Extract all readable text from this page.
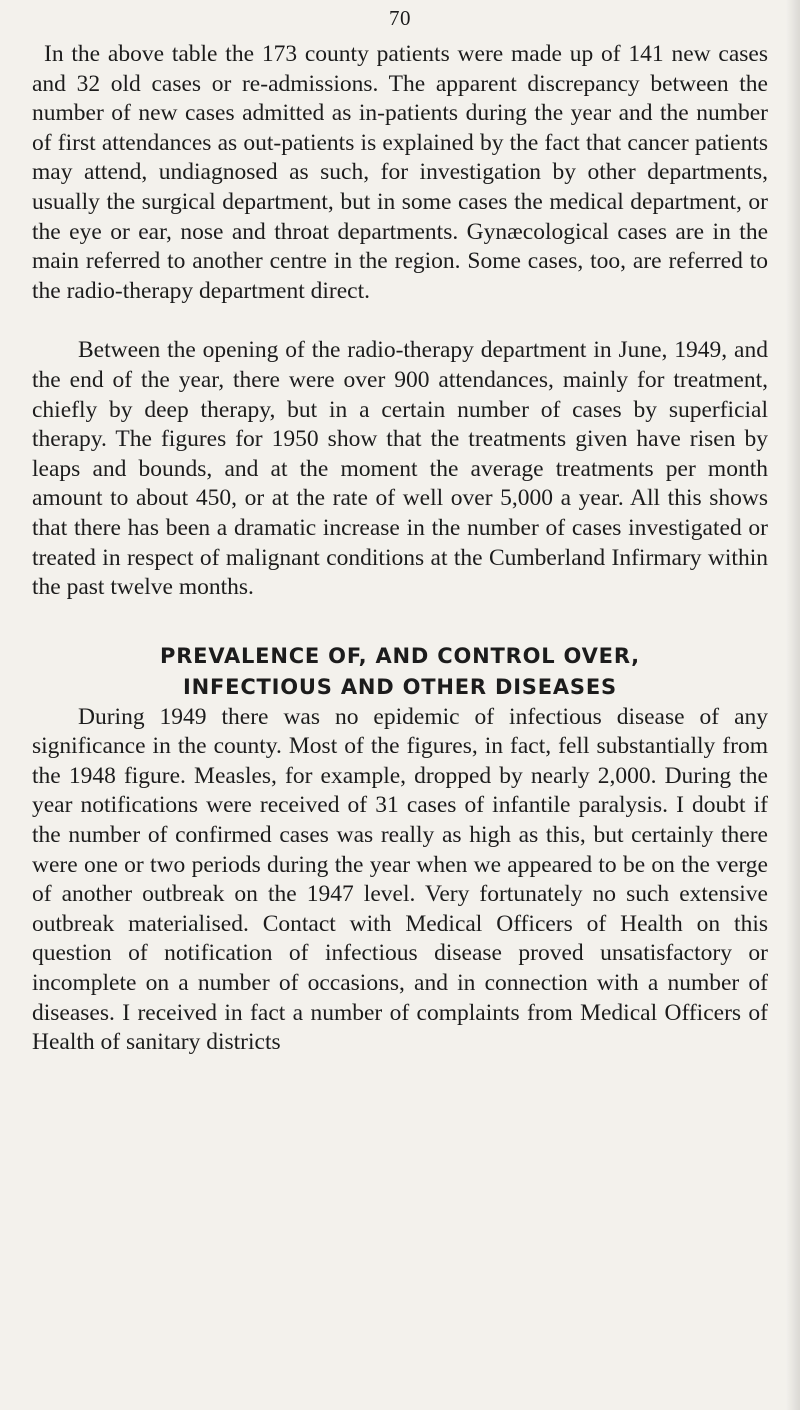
70

In the above table the 173 county patients were made up of 141 new cases and 32 old cases or re-admissions. The apparent discrepancy between the number of new cases admitted as in-patients during the year and the number of first attendances as out-patients is explained by the fact that cancer patients may attend, undiagnosed as such, for investigation by other departments, usually the surgical department, but in some cases the medical department, or the eye or ear, nose and throat departments. Gynæcological cases are in the main referred to another centre in the region. Some cases, too, are referred to the radio-therapy department direct.

Between the opening of the radio-therapy department in June, 1949, and the end of the year, there were over 900 attendances, mainly for treatment, chiefly by deep therapy, but in a certain number of cases by superficial therapy. The figures for 1950 show that the treatments given have risen by leaps and bounds, and at the moment the average treatments per month amount to about 450, or at the rate of well over 5,000 a year. All this shows that there has been a dramatic increase in the number of cases investigated or treated in respect of malignant conditions at the Cumberland Infirmary within the past twelve months.

PREVALENCE OF, AND CONTROL OVER,
INFECTIOUS AND OTHER DISEASES

During 1949 there was no epidemic of infectious disease of any significance in the county. Most of the figures, in fact, fell substantially from the 1948 figure. Measles, for example, dropped by nearly 2,000. During the year notifications were received of 31 cases of infantile paralysis. I doubt if the number of confirmed cases was really as high as this, but certainly there were one or two periods during the year when we appeared to be on the verge of another outbreak on the 1947 level. Very fortunately no such extensive outbreak materialised. Contact with Medical Officers of Health on this question of notification of infectious disease proved unsatisfactory or incomplete on a number of occasions, and in connection with a number of diseases. I received in fact a number of complaints from Medical Officers of Health of sanitary districts
